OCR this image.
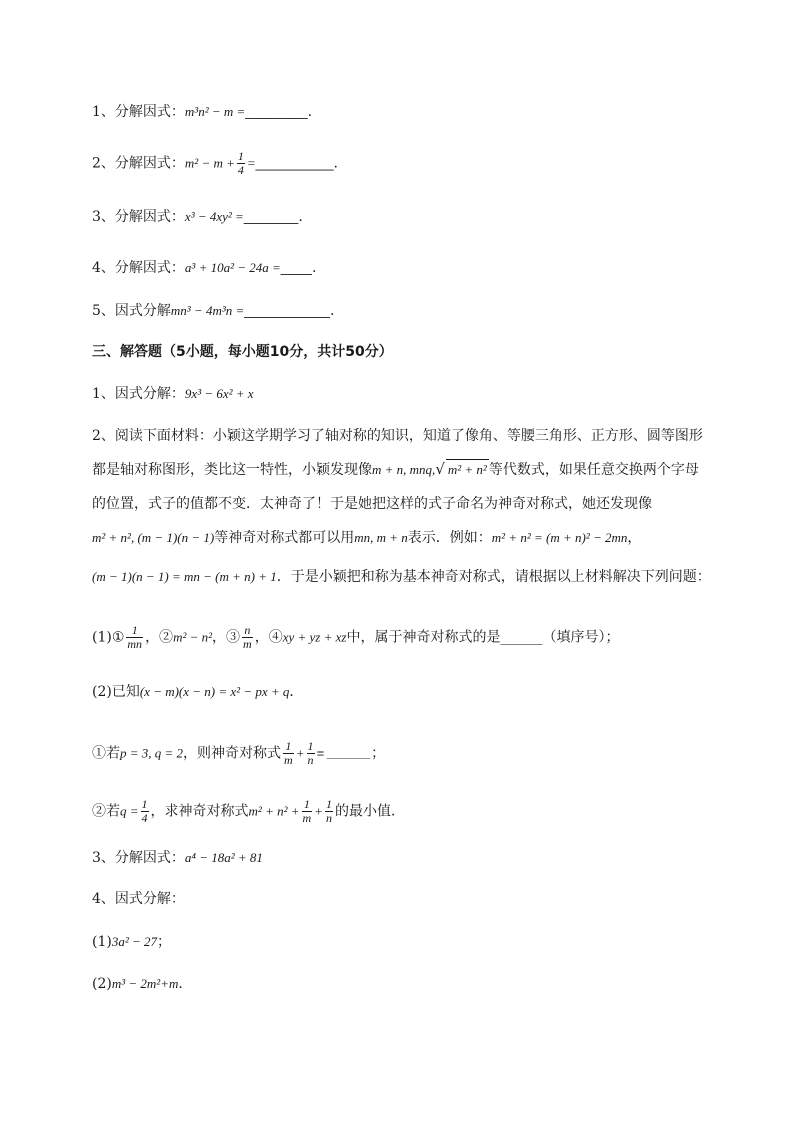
1、分解因式：m³n² − m =________.
2、分解因式：$m^2 - m + \frac{1}{4}$ =__________.
3、分解因式：x³ − 4xy² =_______.
4、分解因式：a³ + 10a² − 24a =____.
5、因式分解mn³ − 4m³n =___________.
三、解答题（5小题，每小题10分，共计50分）
1、因式分解：9x³ − 6x² + x
2、阅读下面材料：小颖这学期学习了轴对称的知识，知道了像角、等腰三角形、正方形、圆等图形
都是轴对称图形，类比这一特性，小颖发现像m + n, mnq,√ m² + n² 等代数式，如果任意交换两个字母
的位置，式子的值都不变．太神奇了！于是她把这样的式子命名为神奇对称式，她还发现像
m² + n², (m − 1)(n − 1)等神奇对称式都可以用mn, m + n表示．例如：m² + n² = (m + n)² − 2mn，
(m − 1)(n − 1) = mn − (m + n) + 1．于是小颖把和称为基本神奇对称式，请根据以上材料解决下列问题：
(1)① $\frac{1}{mn}$ ，②m² − n²，③ $\frac{n}{m}$ ，④xy + yz + xz中，属于神奇对称式的是______（填序号）；
(2)已知(x − m)(x − n) = x² − px + q．
①若p = 3, q = 2，则神奇对称式 $\frac{1}{m} + \frac{1}{n}$ = ______；
②若$q = \frac{1}{4}$ ，求神奇对称式$m^2 + n^2 + \frac{1}{m} + \frac{1}{n}$ 的最小值．
3、分解因式：a⁴ − 18a² + 81
4、因式分解：
(1)3a² − 27；
(2)m³ − 2m²+m.
